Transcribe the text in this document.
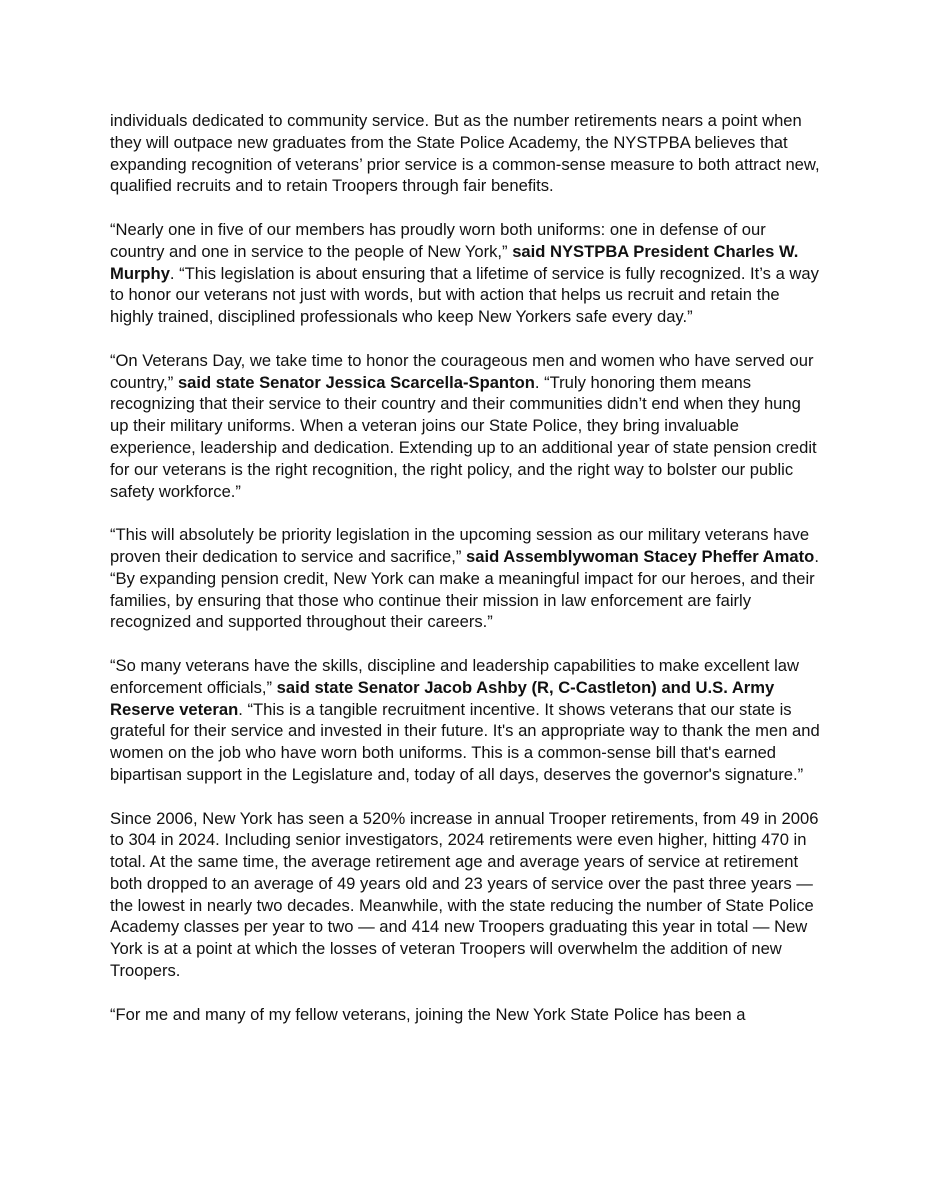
individuals dedicated to community service. But as the number retirements nears a point when they will outpace new graduates from the State Police Academy, the NYSTPBA believes that expanding recognition of veterans’ prior service is a common-sense measure to both attract new, qualified recruits and to retain Troopers through fair benefits.

“Nearly one in five of our members has proudly worn both uniforms: one in defense of our country and one in service to the people of New York,” said NYSTPBA President Charles W. Murphy. “This legislation is about ensuring that a lifetime of service is fully recognized. It’s a way to honor our veterans not just with words, but with action that helps us recruit and retain the highly trained, disciplined professionals who keep New Yorkers safe every day.”

“On Veterans Day, we take time to honor the courageous men and women who have served our country,” said state Senator Jessica Scarcella-Spanton. “Truly honoring them means recognizing that their service to their country and their communities didn’t end when they hung up their military uniforms. When a veteran joins our State Police, they bring invaluable experience, leadership and dedication. Extending up to an additional year of state pension credit for our veterans is the right recognition, the right policy, and the right way to bolster our public safety workforce.”

“This will absolutely be priority legislation in the upcoming session as our military veterans have proven their dedication to service and sacrifice,” said Assemblywoman Stacey Pheffer Amato. “By expanding pension credit, New York can make a meaningful impact for our heroes, and their families, by ensuring that those who continue their mission in law enforcement are fairly recognized and supported throughout their careers.”

“So many veterans have the skills, discipline and leadership capabilities to make excellent law enforcement officials,” said state Senator Jacob Ashby (R, C-Castleton) and U.S. Army Reserve veteran. “This is a tangible recruitment incentive. It shows veterans that our state is grateful for their service and invested in their future. It's an appropriate way to thank the men and women on the job who have worn both uniforms. This is a common-sense bill that's earned bipartisan support in the Legislature and, today of all days, deserves the governor's signature.”

Since 2006, New York has seen a 520% increase in annual Trooper retirements, from 49 in 2006 to 304 in 2024. Including senior investigators, 2024 retirements were even higher, hitting 470 in total. At the same time, the average retirement age and average years of service at retirement both dropped to an average of 49 years old and 23 years of service over the past three years — the lowest in nearly two decades. Meanwhile, with the state reducing the number of State Police Academy classes per year to two — and 414 new Troopers graduating this year in total — New York is at a point at which the losses of veteran Troopers will overwhelm the addition of new Troopers.

“For me and many of my fellow veterans, joining the New York State Police has been a
